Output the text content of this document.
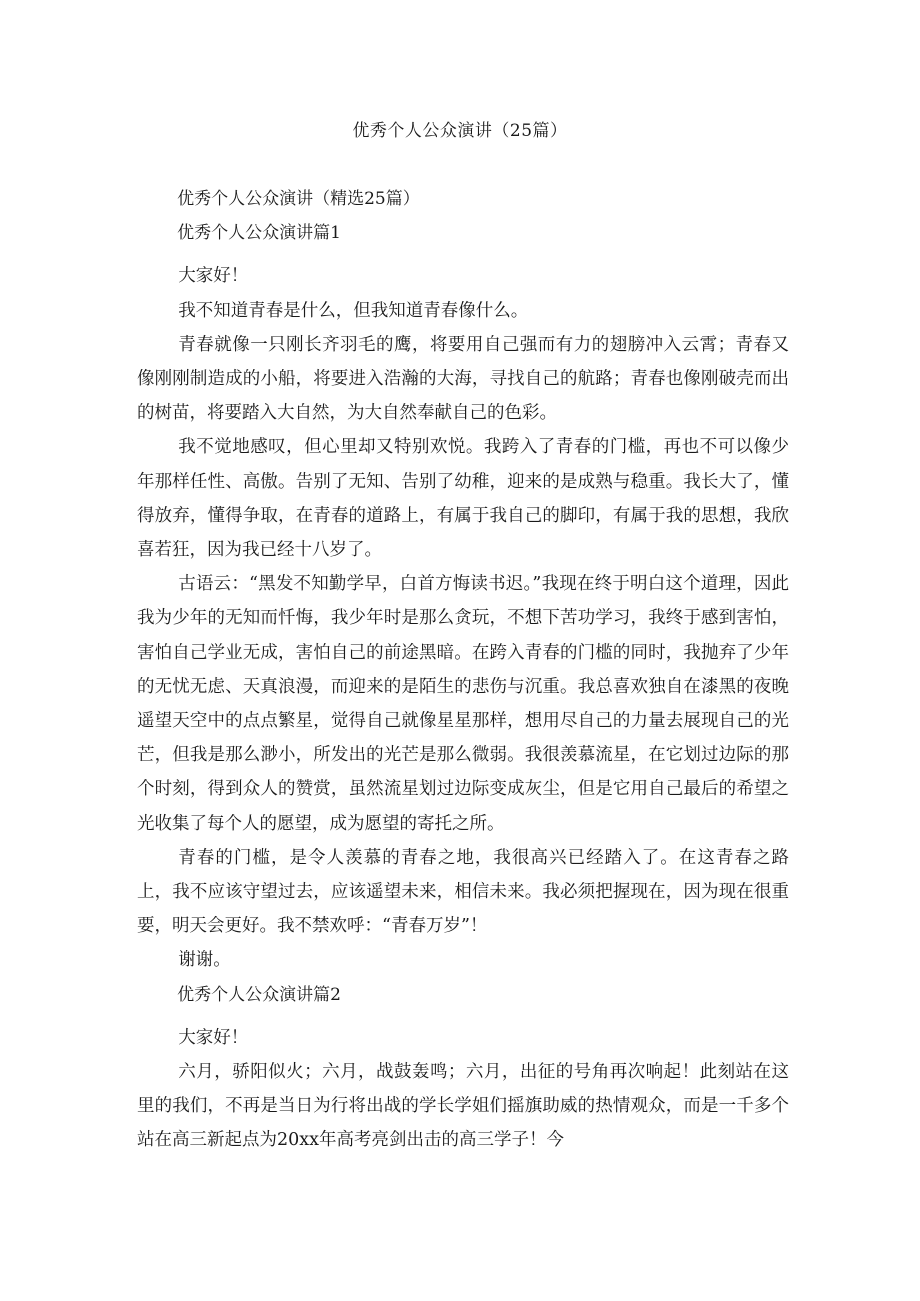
优秀个人公众演讲（25篇）

优秀个人公众演讲（精选25篇）

优秀个人公众演讲篇1

大家好！

我不知道青春是什么，但我知道青春像什么。

青春就像一只刚长齐羽毛的鹰，将要用自己强而有力的翅膀冲入云霄；青春又像刚刚制造成的小船，将要进入浩瀚的大海，寻找自己的航路；青春也像刚破壳而出的树苗，将要踏入大自然，为大自然奉献自己的色彩。

我不觉地感叹，但心里却又特别欢悦。我跨入了青春的门槛，再也不可以像少年那样任性、高傲。告别了无知、告别了幼稚，迎来的是成熟与稳重。我长大了，懂得放弃，懂得争取，在青春的道路上，有属于我自己的脚印，有属于我的思想，我欣喜若狂，因为我已经十八岁了。

古语云：“黑发不知勤学早，白首方悔读书迟。”我现在终于明白这个道理，因此我为少年的无知而忏悔，我少年时是那么贪玩，不想下苦功学习，我终于感到害怕，害怕自己学业无成，害怕自己的前途黑暗。在跨入青春的门槛的同时，我抛弃了少年的无忧无虑、天真浪漫，而迎来的是陌生的悲伤与沉重。我总喜欢独自在漆黑的夜晚遥望天空中的点点繁星，觉得自己就像星星那样，想用尽自己的力量去展现自己的光芒，但我是那么渺小，所发出的光芒是那么微弱。我很羡慕流星，在它划过边际的那个时刻，得到众人的赞赏，虽然流星划过边际变成灰尘，但是它用自己最后的希望之光收集了每个人的愿望，成为愿望的寄托之所。

青春的门槛，是令人羡慕的青春之地，我很高兴已经踏入了。在这青春之路上，我不应该守望过去，应该遥望未来，相信未来。我必须把握现在，因为现在很重要，明天会更好。我不禁欢呼：“青春万岁”！

谢谢。

优秀个人公众演讲篇2

大家好！

六月，骄阳似火；六月，战鼓轰鸣；六月，出征的号角再次响起！此刻站在这里的我们，不再是当日为行将出战的学长学姐们摇旗助威的热情观众，而是一千多个站在高三新起点为20xx年高考亮剑出击的高三学子！今
